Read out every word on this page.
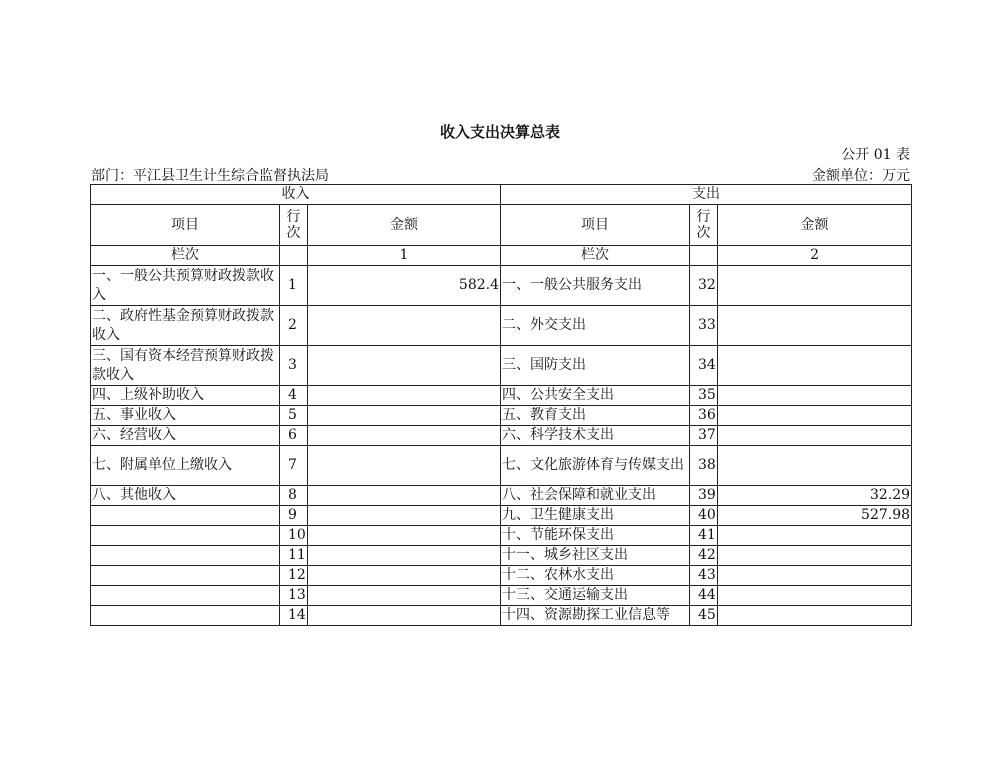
收入支出决算总表
公开 01 表
部门：平江县卫生计生综合监督执法局	金额单位：万元
收入			支出		
项目	行次	金额	项目	行次	金额
栏次		1	栏次		2
一、一般公共预算财政拨款收入	1	582.4	一、一般公共服务支出	32	
二、政府性基金预算财政拨款收入	2		二、外交支出	33	
三、国有资本经营预算财政拨款收入	3		三、国防支出	34	
四、上级补助收入	4		四、公共安全支出	35	
五、事业收入	5		五、教育支出	36	
六、经营收入	6		六、科学技术支出	37	
七、附属单位上缴收入	7		七、文化旅游体育与传媒支出	38	
八、其他收入	8		八、社会保障和就业支出	39	32.29
	9		九、卫生健康支出	40	527.98
	10		十、节能环保支出	41	
	11		十一、城乡社区支出	42	
	12		十二、农林水支出	43	
	13		十三、交通运输支出	44	
	14		十四、资源勘探工业信息等	45	
